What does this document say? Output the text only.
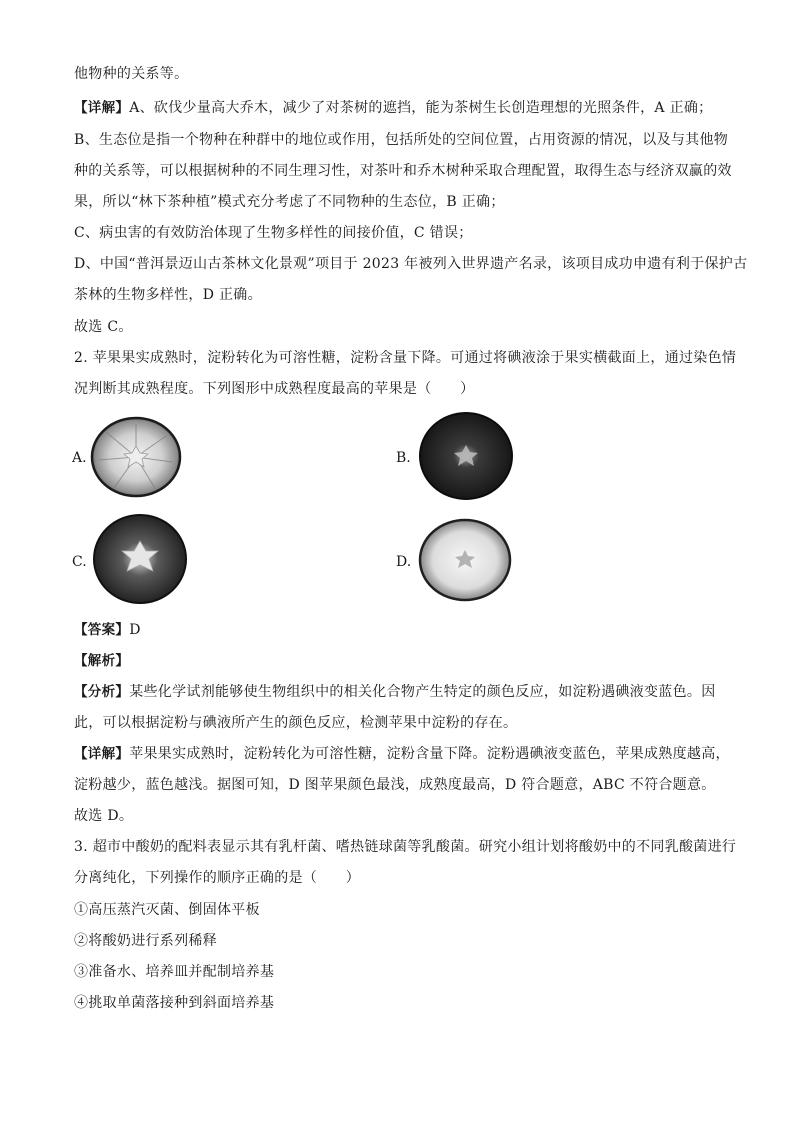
他物种的关系等。
【详解】A、砍伐少量高大乔木，减少了对茶树的遮挡，能为茶树生长创造理想的光照条件，A 正确；
B、生态位是指一个物种在种群中的地位或作用，包括所处的空间位置，占用资源的情况，以及与其他物
种的关系等，可以根据树种的不同生理习性，对茶叶和乔木树种采取合理配置，取得生态与经济双赢的效
果，所以“林下茶种植”模式充分考虑了不同物种的生态位，B 正确；
C、病虫害的有效防治体现了生物多样性的间接价值，C 错误；
D、中国“普洱景迈山古茶林文化景观”项目于 2023 年被列入世界遗产名录，该项目成功申遗有利于保护古
茶林的生物多样性，D 正确。
故选 C。
2. 苹果果实成熟时，淀粉转化为可溶性糖，淀粉含量下降。可通过将碘液涂于果实横截面上，通过染色情
况判断其成熟程度。下列图形中成熟程度最高的苹果是（　　）
A.	B.
C.	D.
【答案】D
【解析】
【分析】某些化学试剂能够使生物组织中的相关化合物产生特定的颜色反应，如淀粉遇碘液变蓝色。因
此，可以根据淀粉与碘液所产生的颜色反应，检测苹果中淀粉的存在。
【详解】苹果果实成熟时，淀粉转化为可溶性糖，淀粉含量下降。淀粉遇碘液变蓝色，苹果成熟度越高，
淀粉越少，蓝色越浅。据图可知，D 图苹果颜色最浅，成熟度最高，D 符合题意，ABC 不符合题意。
故选 D。
3. 超市中酸奶的配料表显示其有乳杆菌、嗜热链球菌等乳酸菌。研究小组计划将酸奶中的不同乳酸菌进行
分离纯化，下列操作的顺序正确的是（　　）
①高压蒸汽灭菌、倒固体平板
②将酸奶进行系列稀释
③准备水、培养皿并配制培养基
④挑取单菌落接种到斜面培养基
